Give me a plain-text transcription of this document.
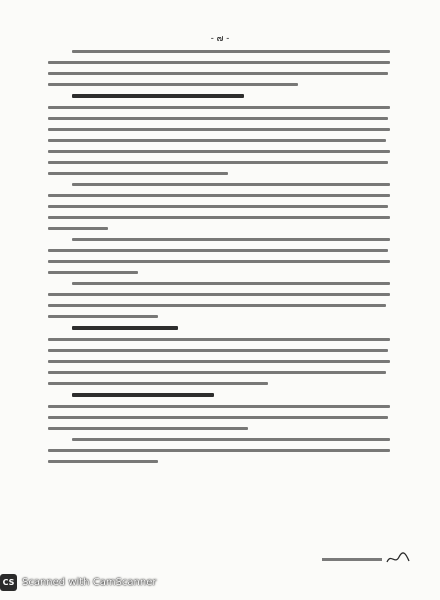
- ๗ -
CS Scanned with CamScanner
